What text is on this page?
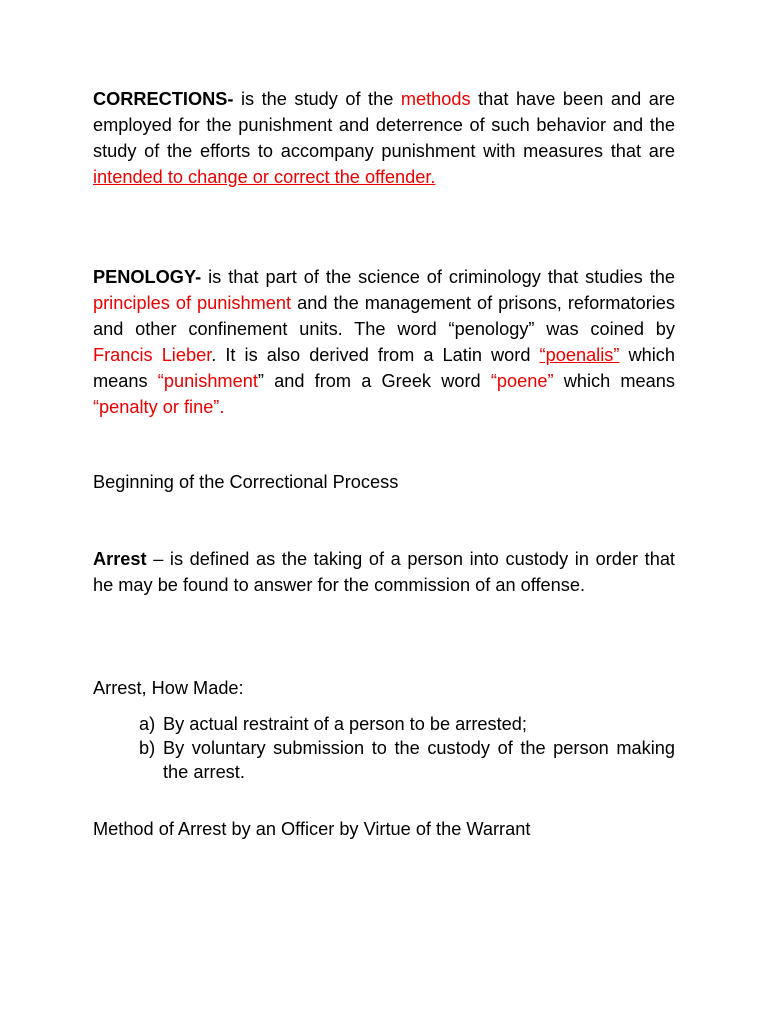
CORRECTIONS- is the study of the methods that have been and are employed for the punishment and deterrence of such behavior and the study of the efforts to accompany punishment with measures that are intended to change or correct the offender.

PENOLOGY- is that part of the science of criminology that studies the principles of punishment and the management of prisons, reformatories and other confinement units. The word “penology” was coined by Francis Lieber. It is also derived from a Latin word “poenalis” which means “punishment” and from a Greek word “poene” which means “penalty or fine”.

Beginning of the Correctional Process

Arrest – is defined as the taking of a person into custody in order that he may be found to answer for the commission of an offense.

Arrest, How Made:

a) By actual restraint of a person to be arrested;
b) By voluntary submission to the custody of the person making the arrest.

Method of Arrest by an Officer by Virtue of the Warrant
